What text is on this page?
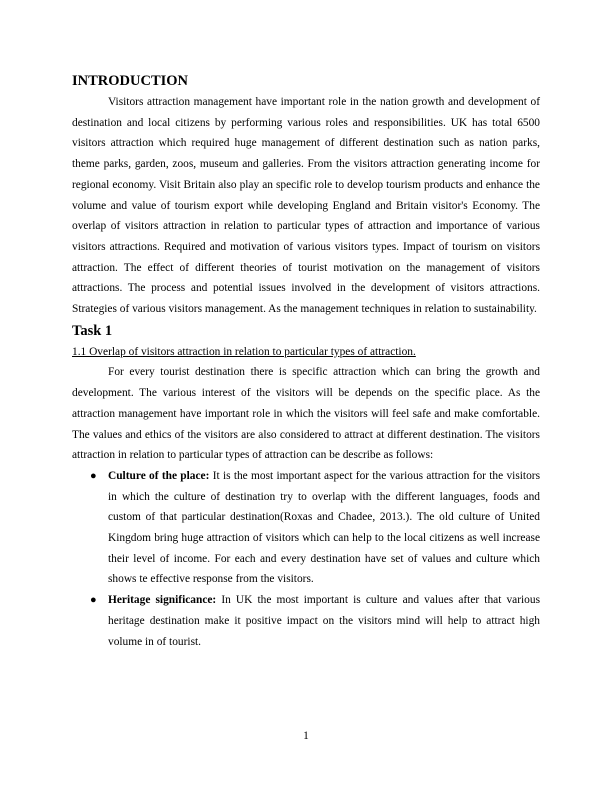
INTRODUCTION

Visitors attraction management have important role in the nation growth and development of destination and local citizens by performing various roles and responsibilities. UK has total 6500 visitors attraction which required huge management of different destination such as nation parks, theme parks, garden, zoos, museum and galleries. From the visitors attraction generating income for regional economy. Visit Britain also play an specific role to develop tourism products and enhance the volume and value of tourism export while developing England and Britain visitor's Economy. The overlap of visitors attraction in relation to particular types of attraction and importance of various visitors attractions. Required and motivation of various visitors types. Impact of tourism on visitors attraction. The effect of different theories of tourist motivation on the management of visitors attractions. The process and potential issues involved in the development of visitors attractions. Strategies of various visitors management. As the management techniques in relation to sustainability.

Task 1
1.1 Overlap of visitors attraction in relation to particular types of attraction.

For every tourist destination there is specific attraction which can bring the growth and development. The various interest of the visitors will be depends on the specific place. As the attraction management have important role in which the visitors will feel safe and make comfortable. The values and ethics of the visitors are also considered to attract at different destination. The visitors attraction in relation to particular types of attraction can be describe as follows:

● Culture of the place: It is the most important aspect for the various attraction for the visitors in which the culture of destination try to overlap with the different languages, foods and custom of that particular destination(Roxas and Chadee, 2013.). The old culture of United Kingdom bring huge attraction of visitors which can help to the local citizens as well increase their level of income. For each and every destination have set of values and culture which shows te effective response from the visitors.
● Heritage significance: In UK the most important is culture and values after that various heritage destination make it positive impact on the visitors mind will help to attract high volume in of tourist.
1
